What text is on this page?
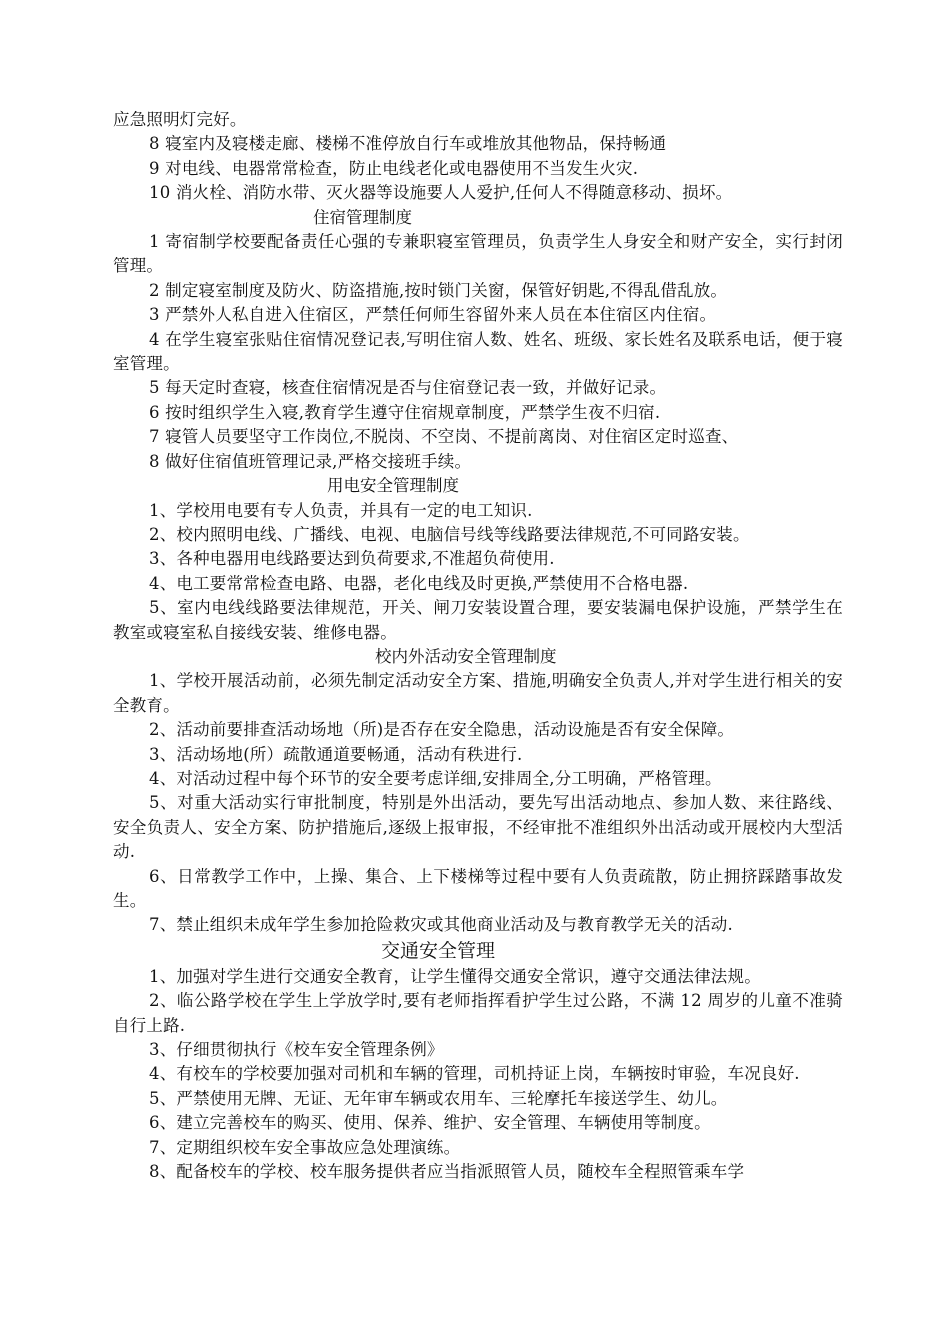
应急照明灯完好。

8 寝室内及寝楼走廊、楼梯不准停放自行车或堆放其他物品，保持畅通

9 对电线、电器常常检查，防止电线老化或电器使用不当发生火灾.

10 消火栓、消防水带、灭火器等设施要人人爱护,任何人不得随意移动、损坏。

住宿管理制度

1 寄宿制学校要配备责任心强的专兼职寝室管理员，负责学生人身安全和财产安全，实行封闭管理。

2 制定寝室制度及防火、防盗措施,按时锁门关窗，保管好钥匙,不得乱借乱放。

3 严禁外人私自进入住宿区，严禁任何师生容留外来人员在本住宿区内住宿。

4 在学生寝室张贴住宿情况登记表,写明住宿人数、姓名、班级、家长姓名及联系电话，便于寝室管理。

5 每天定时查寝，核查住宿情况是否与住宿登记表一致，并做好记录。

6 按时组织学生入寝,教育学生遵守住宿规章制度，严禁学生夜不归宿.

7 寝管人员要坚守工作岗位,不脱岗、不空岗、不提前离岗、对住宿区定时巡查、

8 做好住宿值班管理记录,严格交接班手续。

用电安全管理制度

1、学校用电要有专人负责，并具有一定的电工知识.

2、校内照明电线、广播线、电视、电脑信号线等线路要法律规范,不可同路安装。

3、各种电器用电线路要达到负荷要求,不准超负荷使用.

4、电工要常常检查电路、电器，老化电线及时更换,严禁使用不合格电器.

5、室内电线线路要法律规范，开关、闸刀安装设置合理，要安装漏电保护设施，严禁学生在教室或寝室私自接线安装、维修电器。

校内外活动安全管理制度

1、学校开展活动前，必须先制定活动安全方案、措施,明确安全负责人,并对学生进行相关的安全教育。

2、活动前要排查活动场地（所)是否存在安全隐患，活动设施是否有安全保障。

3、活动场地(所）疏散通道要畅通，活动有秩进行.

4、对活动过程中每个环节的安全要考虑详细,安排周全,分工明确，严格管理。

5、对重大活动实行审批制度，特别是外出活动，要先写出活动地点、参加人数、来往路线、安全负责人、安全方案、防护措施后,逐级上报审报，不经审批不准组织外出活动或开展校内大型活动.

6、日常教学工作中，上操、集合、上下楼梯等过程中要有人负责疏散，防止拥挤踩踏事故发生。

7、禁止组织未成年学生参加抢险救灾或其他商业活动及与教育教学无关的活动.

交通安全管理

1、加强对学生进行交通安全教育，让学生懂得交通安全常识，遵守交通法律法规。

2、临公路学校在学生上学放学时,要有老师指挥看护学生过公路，不满 12 周岁的儿童不准骑自行上路.

3、仔细贯彻执行《校车安全管理条例》

4、有校车的学校要加强对司机和车辆的管理，司机持证上岗，车辆按时审验，车况良好.

5、严禁使用无牌、无证、无年审车辆或农用车、三轮摩托车接送学生、幼儿。

6、建立完善校车的购买、使用、保养、维护、安全管理、车辆使用等制度。

7、定期组织校车安全事故应急处理演练。

8、配备校车的学校、校车服务提供者应当指派照管人员，随校车全程照管乘车学
